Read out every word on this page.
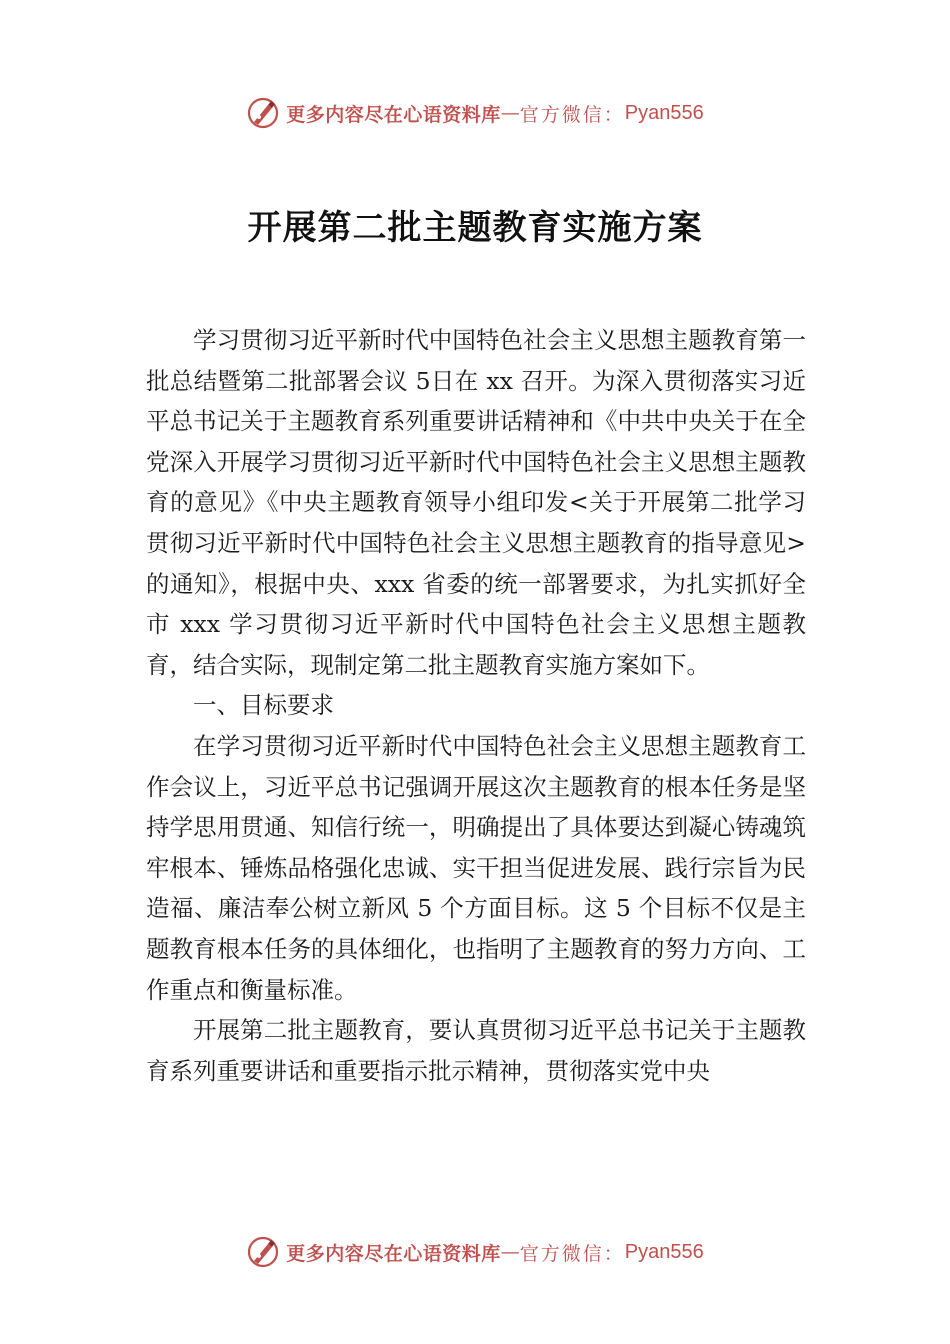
更多内容尽在心语资料库 — 官方微信： Pyan556
开展第二批主题教育实施方案

学习贯彻习近平新时代中国特色社会主义思想主题教育第一批总结暨第二批部署会议 5日在 xx 召开。为深入贯彻落实习近平总书记关于主题教育系列重要讲话精神和《中共中央关于在全党深入开展学习贯彻习近平新时代中国特色社会主义思想主题教育的意见》《中央主题教育领导小组印发<关于开展第二批学习贯彻习近平新时代中国特色社会主义思想主题教育的指导意见>的通知》，根据中央、xxx 省委的统一部署要求，为扎实抓好全市 xxx 学习贯彻习近平新时代中国特色社会主义思想主题教育，结合实际，现制定第二批主题教育实施方案如下。

一、目标要求

在学习贯彻习近平新时代中国特色社会主义思想主题教育工作会议上，习近平总书记强调开展这次主题教育的根本任务是坚持学思用贯通、知信行统一，明确提出了具体要达到凝心铸魂筑牢根本、锤炼品格强化忠诚、实干担当促进发展、践行宗旨为民造福、廉洁奉公树立新风 5 个方面目标。这 5 个目标不仅是主题教育根本任务的具体细化，也指明了主题教育的努力方向、工作重点和衡量标准。

开展第二批主题教育，要认真贯彻习近平总书记关于主题教育系列重要讲话和重要指示批示精神，贯彻落实党中央

更多内容尽在心语资料库 — 官方微信： Pyan556
